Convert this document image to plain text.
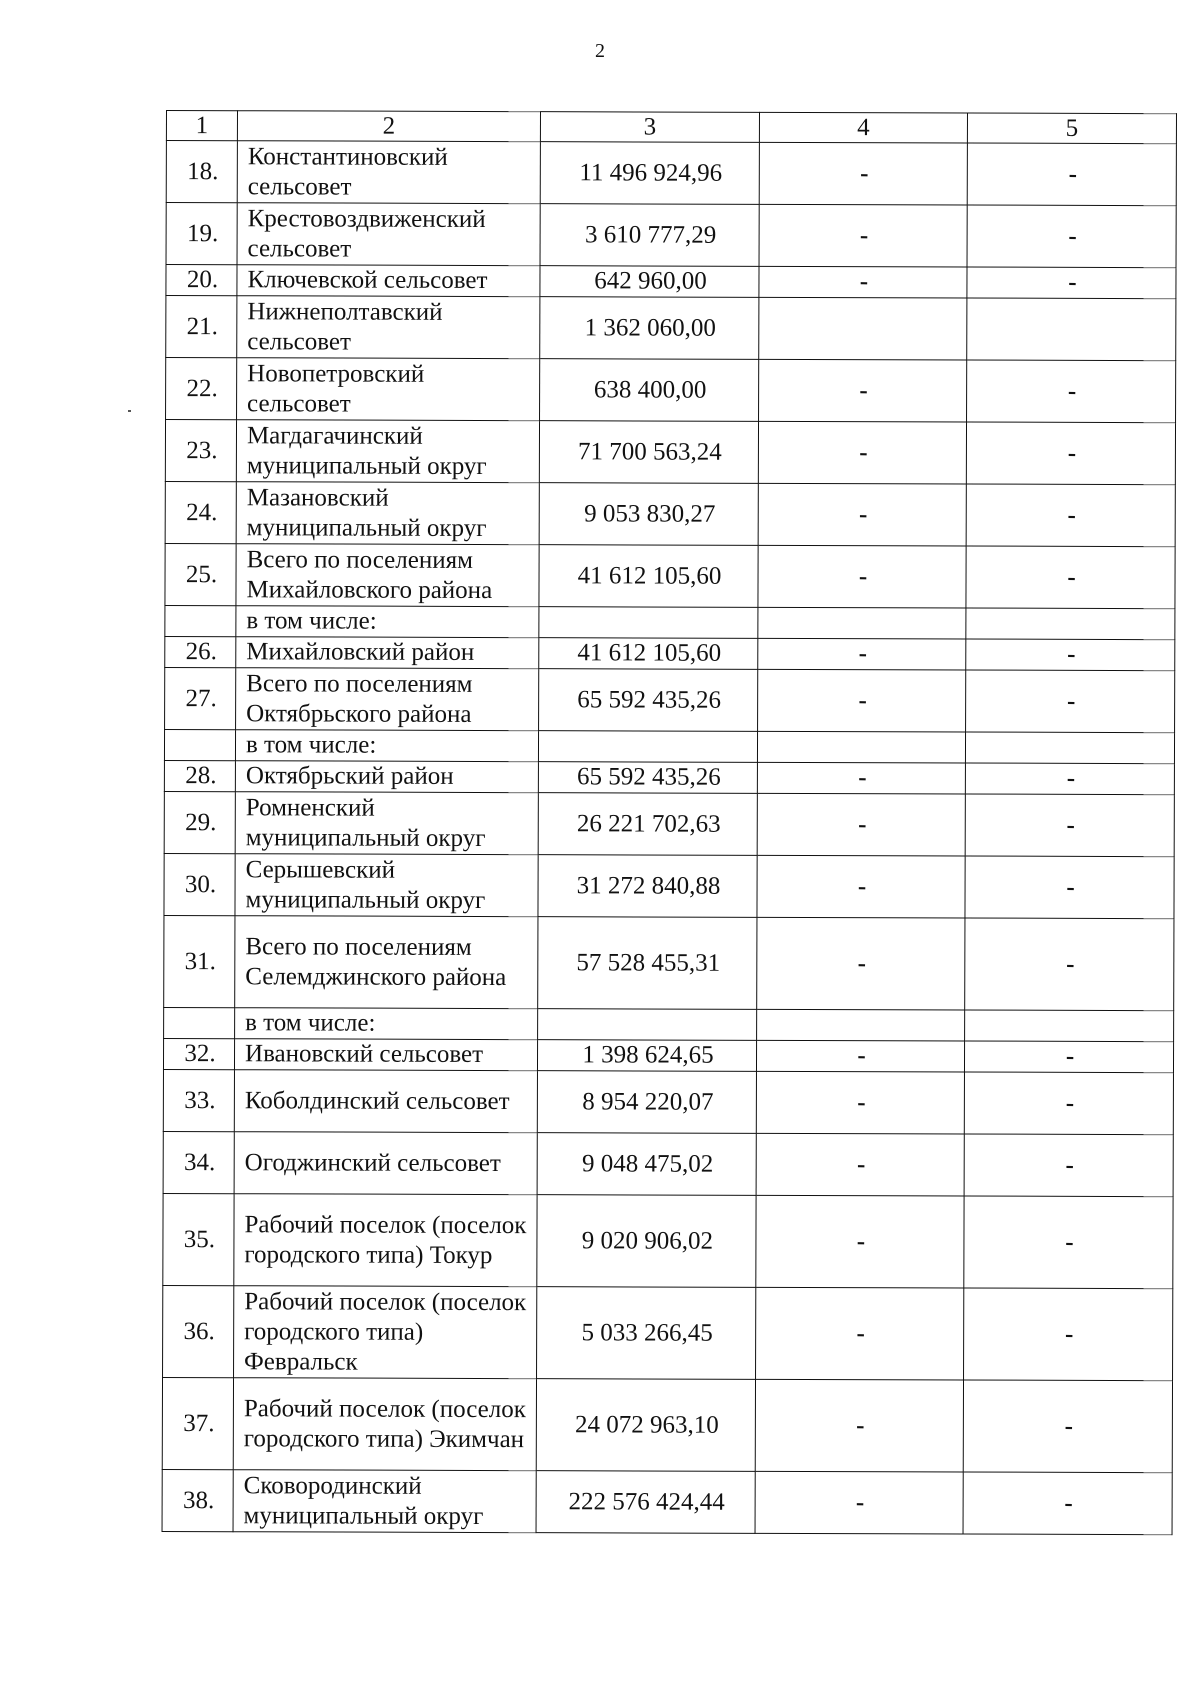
2
1	2	3	4	5
18.	Константиновский сельсовет	11 496 924,96	-	-
19.	Крестовоздвиженский сельсовет	3 610 777,29	-	-
20.	Ключевской сельсовет	642 960,00	-	-
21.	Нижнеполтавский сельсовет	1 362 060,00		
22.	Новопетровский сельсовет	638 400,00	-	-
23.	Магдагачинский муниципальный округ	71 700 563,24	-	-
24.	Мазановский муниципальный округ	9 053 830,27	-	-
25.	Всего по поселениям Михайловского района	41 612 105,60	-	-
	в том числе:			
26.	Михайловский район	41 612 105,60	-	-
27.	Всего по поселениям Октябрьского района	65 592 435,26	-	-
	в том числе:			
28.	Октябрьский район	65 592 435,26	-	-
29.	Ромненский муниципальный округ	26 221 702,63	-	-
30.	Серышевский муниципальный округ	31 272 840,88	-	-
31.	Всего по поселениям Селемджинского района	57 528 455,31	-	-
	в том числе:			
32.	Ивановский сельсовет	1 398 624,65	-	-
33.	Коболдинский сельсовет	8 954 220,07	-	-
34.	Огоджинский сельсовет	9 048 475,02	-	-
35.	Рабочий поселок (поселок городского типа) Токур	9 020 906,02	-	-
36.	Рабочий поселок (поселок городского типа) Февральск	5 033 266,45	-	-
37.	Рабочий поселок (поселок городского типа) Экимчан	24 072 963,10	-	-
38.	Сковородинский муниципальный округ	222 576 424,44	-	-
